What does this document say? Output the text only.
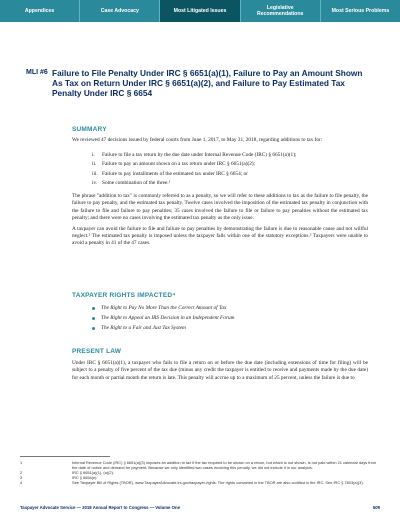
Appendices	Case Advocacy	Most Litigated Issues	Legislative Recommendations	Most Serious Problems
MLI #6 Failure to File Penalty Under IRC § 6651(a)(1), Failure to Pay an Amount Shown As Tax on Return Under IRC § 6651(a)(2), and Failure to Pay Estimated Tax Penalty Under IRC § 6654
SUMMARY

We reviewed 47 decisions issued by federal courts from June 1, 2017, to May 31, 2018, regarding additions to tax for:

i.	Failure to file a tax return by the due date under Internal Revenue Code (IRC) § 6651(a)(1);
ii.	Failure to pay an amount shown on a tax return under IRC § 6651(a)(2);
iii. Failure to pay installments of the estimated tax under IRC § 6654; or
iv. Some combination of the three.¹

The phrase "addition to tax" is commonly referred to as a penalty, so we will refer to these additions to tax as the failure to file penalty, the failure to pay penalty, and the estimated tax penalty. Twelve cases involved the imposition of the estimated tax penalty in conjunction with the failure to file and failure to pay penalties; 35 cases involved the failure to file or failure to pay penalties without the estimated tax penalty; and there were no cases involving the estimated tax penalty as the only issue.

A taxpayer can avoid the failure to file and failure to pay penalties by demonstrating the failure is due to reasonable cause and not willful neglect.² The estimated tax penalty is imposed unless the taxpayer falls within one of the statutory exceptions.³ Taxpayers were unable to avoid a penalty in 41 of the 47 cases.

TAXPAYER RIGHTS IMPACTED⁴
The Right to Pay No More Than the Correct Amount of Tax
The Right to Appeal an IRS Decision in an Independent Forum
The Right to a Fair and Just Tax System
PRESENT LAW

Under IRC § 6651(a)(1), a taxpayer who fails to file a return on or before the due date (including extensions of time for filing) will be subject to a penalty of five percent of the tax due (minus any credit the taxpayer is entitled to receive and payments made by the due date) for each month or partial month the return is late. This penalty will accrue up to a maximum of 25 percent, unless the failure is due to

1	Internal Revenue Code (IRC) § 6651(a)(3) imposes an addition to tax if the tax required to be shown on a return, but which is not shown, is not paid within 21 calendar days from the date of notice and demand for payment. Because we only identified two cases involving this penalty, we did not include it in our analysis.
2	IRC § 6651(a)(1), (a)(2).
3	IRC § 6654(e).
4	See Taxpayer Bill of Rights (TBOR), www.TaxpayerAdvocate.irs.gov/taxpayer-rights. The rights contained in the TBOR are also codified in the IRC. See IRC § 7803(a)(3).
Taxpayer Advocate Service — 2018 Annual Report to Congress — Volume One	509
